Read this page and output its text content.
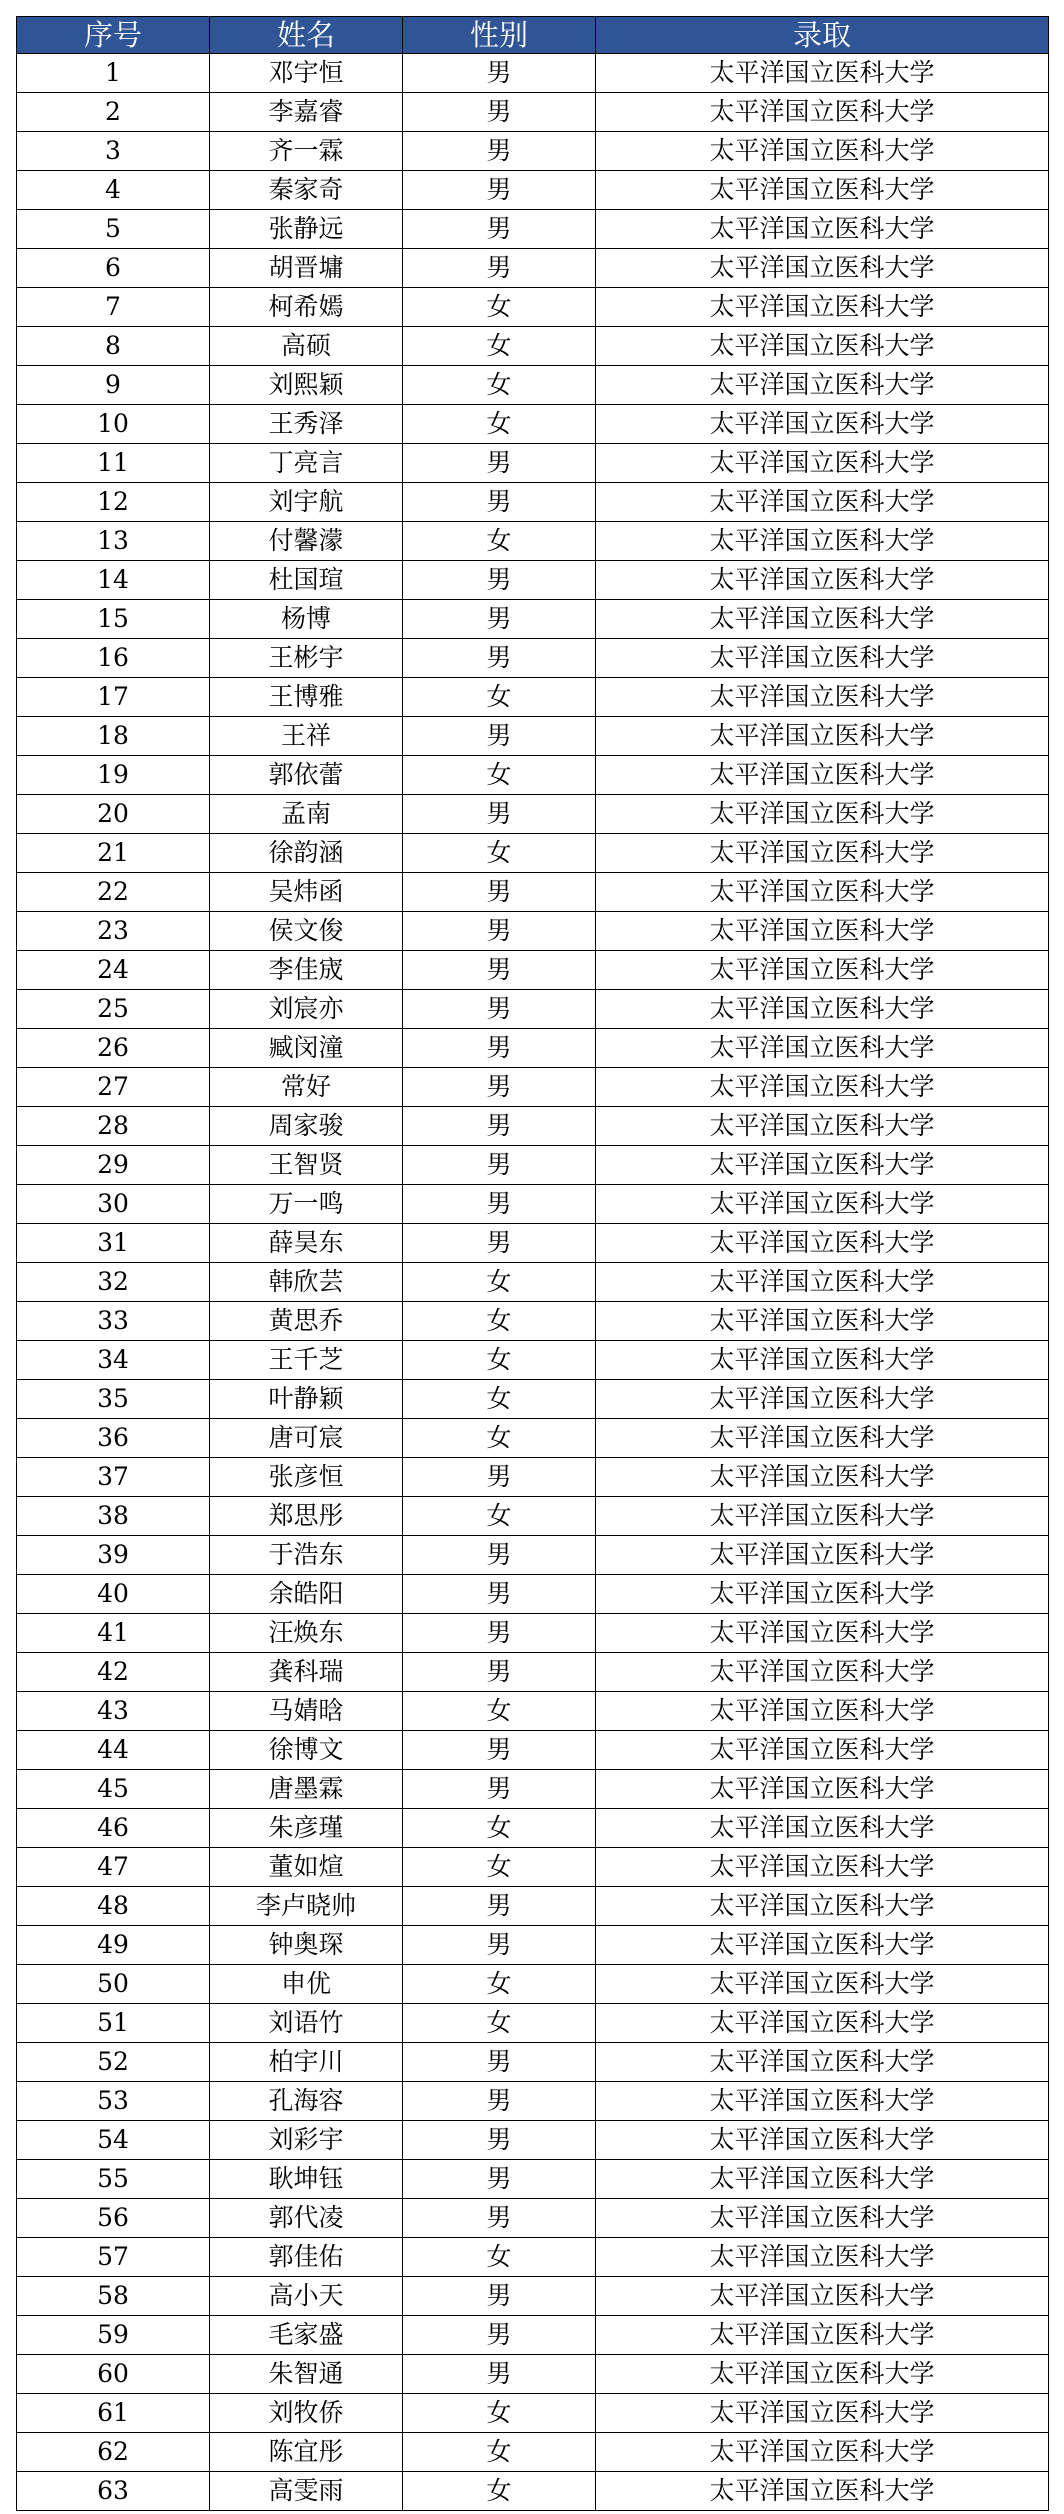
序号	姓名	性别	录取
1	邓宇恒	男	太平洋国立医科大学
2	李嘉睿	男	太平洋国立医科大学
3	齐一霖	男	太平洋国立医科大学
4	秦家奇	男	太平洋国立医科大学
5	张静远	男	太平洋国立医科大学
6	胡晋墉	男	太平洋国立医科大学
7	柯希嫣	女	太平洋国立医科大学
8	高硕	女	太平洋国立医科大学
9	刘熙颖	女	太平洋国立医科大学
10	王秀泽	女	太平洋国立医科大学
11	丁亮言	男	太平洋国立医科大学
12	刘宇航	男	太平洋国立医科大学
13	付馨濛	女	太平洋国立医科大学
14	杜国瑄	男	太平洋国立医科大学
15	杨博	男	太平洋国立医科大学
16	王彬宇	男	太平洋国立医科大学
17	王博雅	女	太平洋国立医科大学
18	王祥	男	太平洋国立医科大学
19	郭依蕾	女	太平洋国立医科大学
20	孟南	男	太平洋国立医科大学
21	徐韵涵	女	太平洋国立医科大学
22	吴炜函	男	太平洋国立医科大学
23	侯文俊	男	太平洋国立医科大学
24	李佳宬	男	太平洋国立医科大学
25	刘宸亦	男	太平洋国立医科大学
26	臧闵潼	男	太平洋国立医科大学
27	常好	男	太平洋国立医科大学
28	周家骏	男	太平洋国立医科大学
29	王智贤	男	太平洋国立医科大学
30	万一鸣	男	太平洋国立医科大学
31	薛昊东	男	太平洋国立医科大学
32	韩欣芸	女	太平洋国立医科大学
33	黄思乔	女	太平洋国立医科大学
34	王千芝	女	太平洋国立医科大学
35	叶静颖	女	太平洋国立医科大学
36	唐可宸	女	太平洋国立医科大学
37	张彦恒	男	太平洋国立医科大学
38	郑思彤	女	太平洋国立医科大学
39	于浩东	男	太平洋国立医科大学
40	余皓阳	男	太平洋国立医科大学
41	汪焕东	男	太平洋国立医科大学
42	龚科瑞	男	太平洋国立医科大学
43	马婧晗	女	太平洋国立医科大学
44	徐博文	男	太平洋国立医科大学
45	唐墨霖	男	太平洋国立医科大学
46	朱彦瑾	女	太平洋国立医科大学
47	董如煊	女	太平洋国立医科大学
48	李卢晓帅	男	太平洋国立医科大学
49	钟奥琛	男	太平洋国立医科大学
50	申优	女	太平洋国立医科大学
51	刘语竹	女	太平洋国立医科大学
52	柏宇川	男	太平洋国立医科大学
53	孔海容	男	太平洋国立医科大学
54	刘彩宇	男	太平洋国立医科大学
55	耿坤钰	男	太平洋国立医科大学
56	郭代凌	男	太平洋国立医科大学
57	郭佳佑	女	太平洋国立医科大学
58	高小天	男	太平洋国立医科大学
59	毛家盛	男	太平洋国立医科大学
60	朱智通	男	太平洋国立医科大学
61	刘牧侨	女	太平洋国立医科大学
62	陈宜彤	女	太平洋国立医科大学
63	高雯雨	女	太平洋国立医科大学
